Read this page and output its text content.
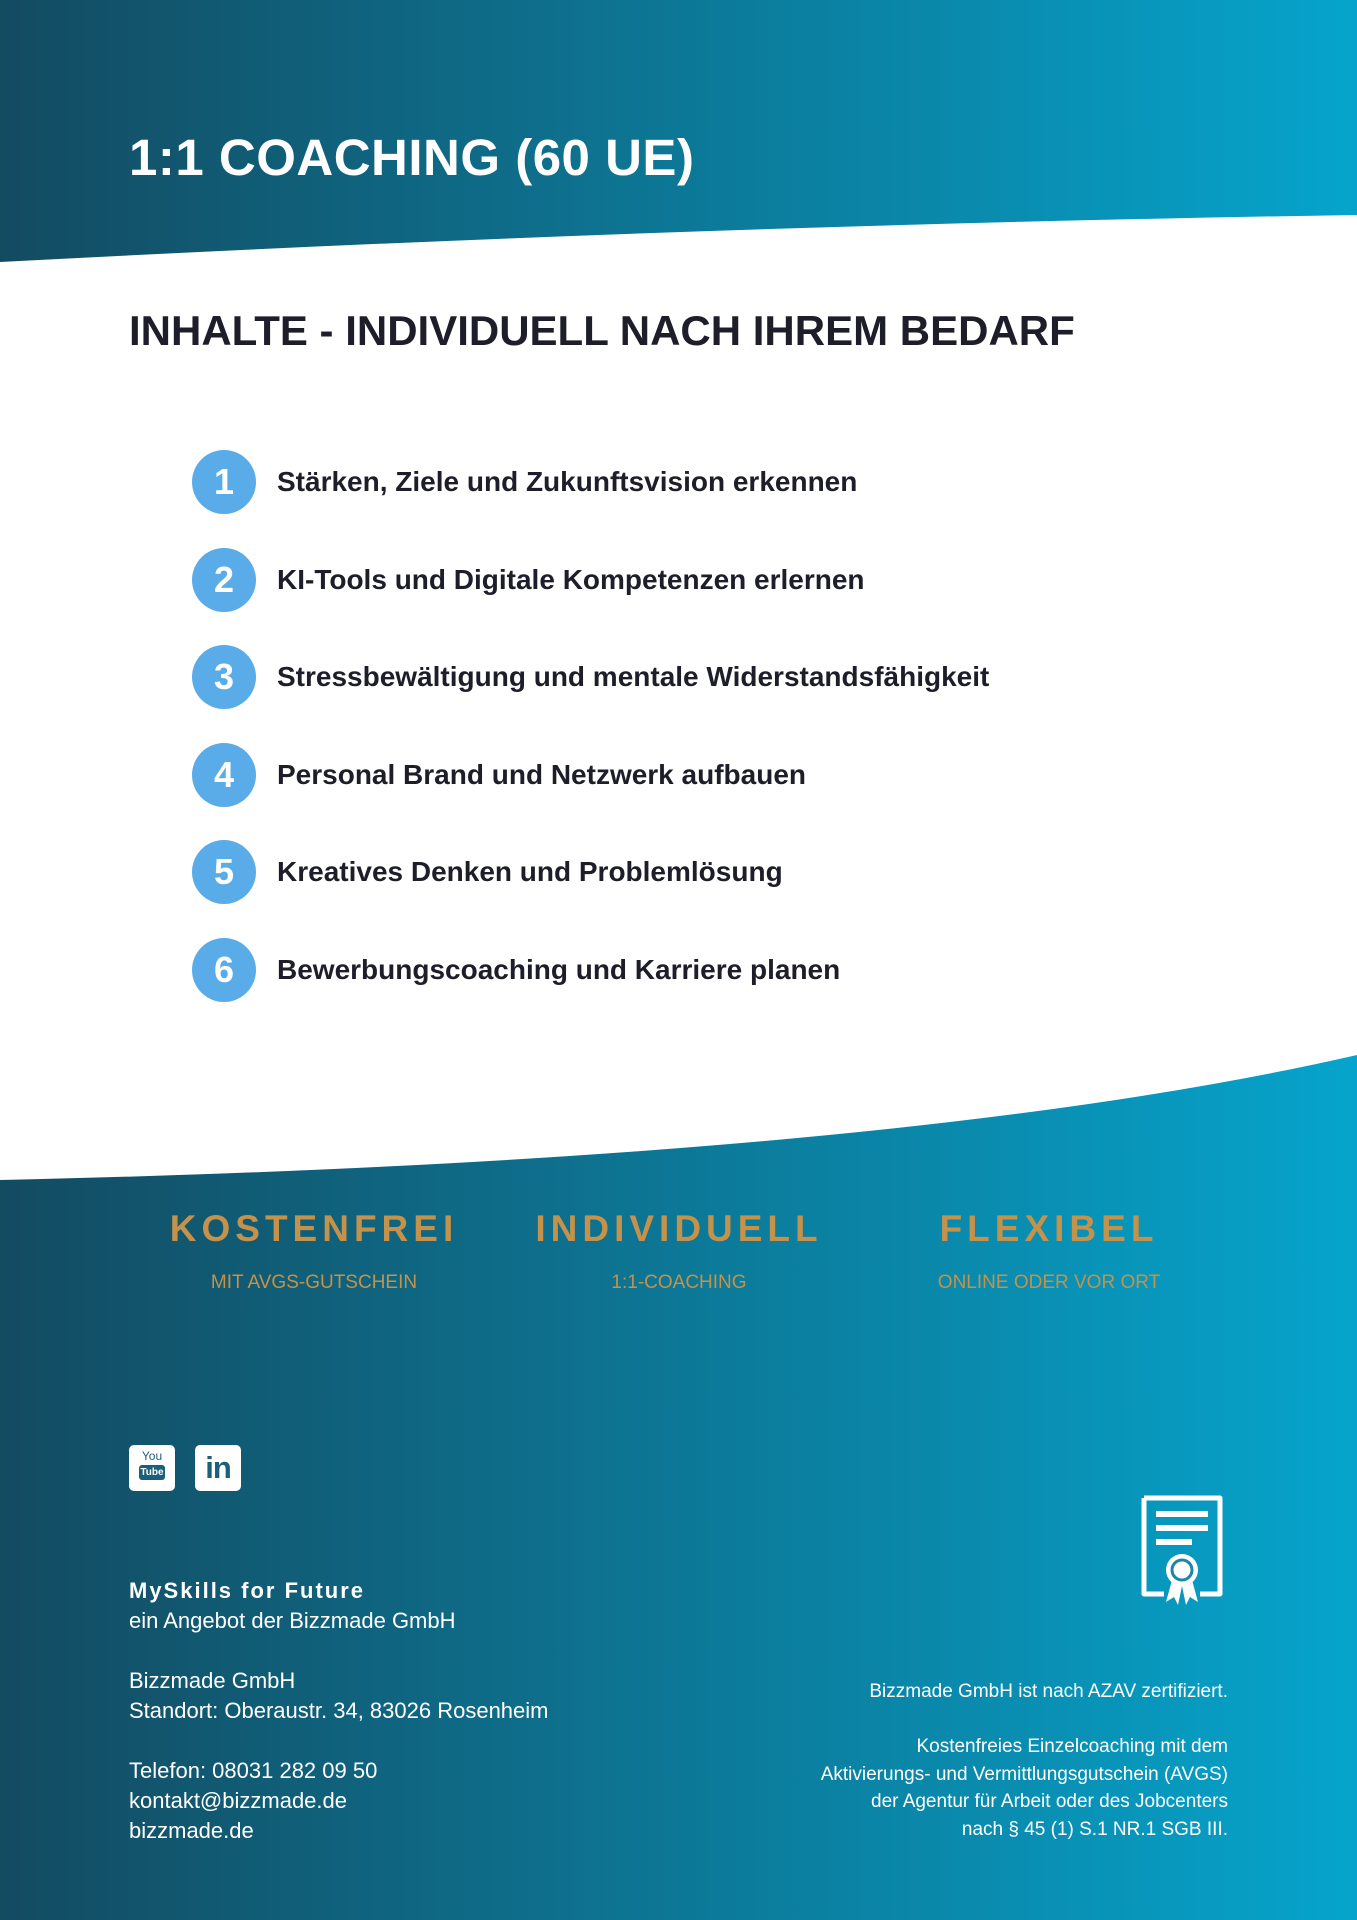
1:1 COACHING (60 UE)
INHALTE - INDIVIDUELL NACH IHREM BEDARF
1	Stärken, Ziele und Zukunftsvision erkennen
2	KI-Tools und Digitale Kompetenzen erlernen
3	Stressbewältigung und mentale Widerstandsfähigkeit
4	Personal Brand und Netzwerk aufbauen
5	Kreatives Denken und Problemlösung
6	Bewerbungscoaching und Karriere planen
KOSTENFREI
MIT AVGS-GUTSCHEIN
INDIVIDUELL
1:1-COACHING
FLEXIBEL
ONLINE ODER VOR ORT
You
Tube	in
MySkills for Future
ein Angebot der Bizzmade GmbH
Bizzmade GmbH
Standort: Oberaustr. 34, 83026 Rosenheim
Telefon: 08031 282 09 50
kontakt@bizzmade.de
bizzmade.de
Bizzmade GmbH ist nach AZAV zertifiziert.
Kostenfreies Einzelcoaching mit dem
Aktivierungs- und Vermittlungsgutschein (AVGS)
der Agentur für Arbeit oder des Jobcenters
nach § 45 (1) S.1 NR.1 SGB III.
